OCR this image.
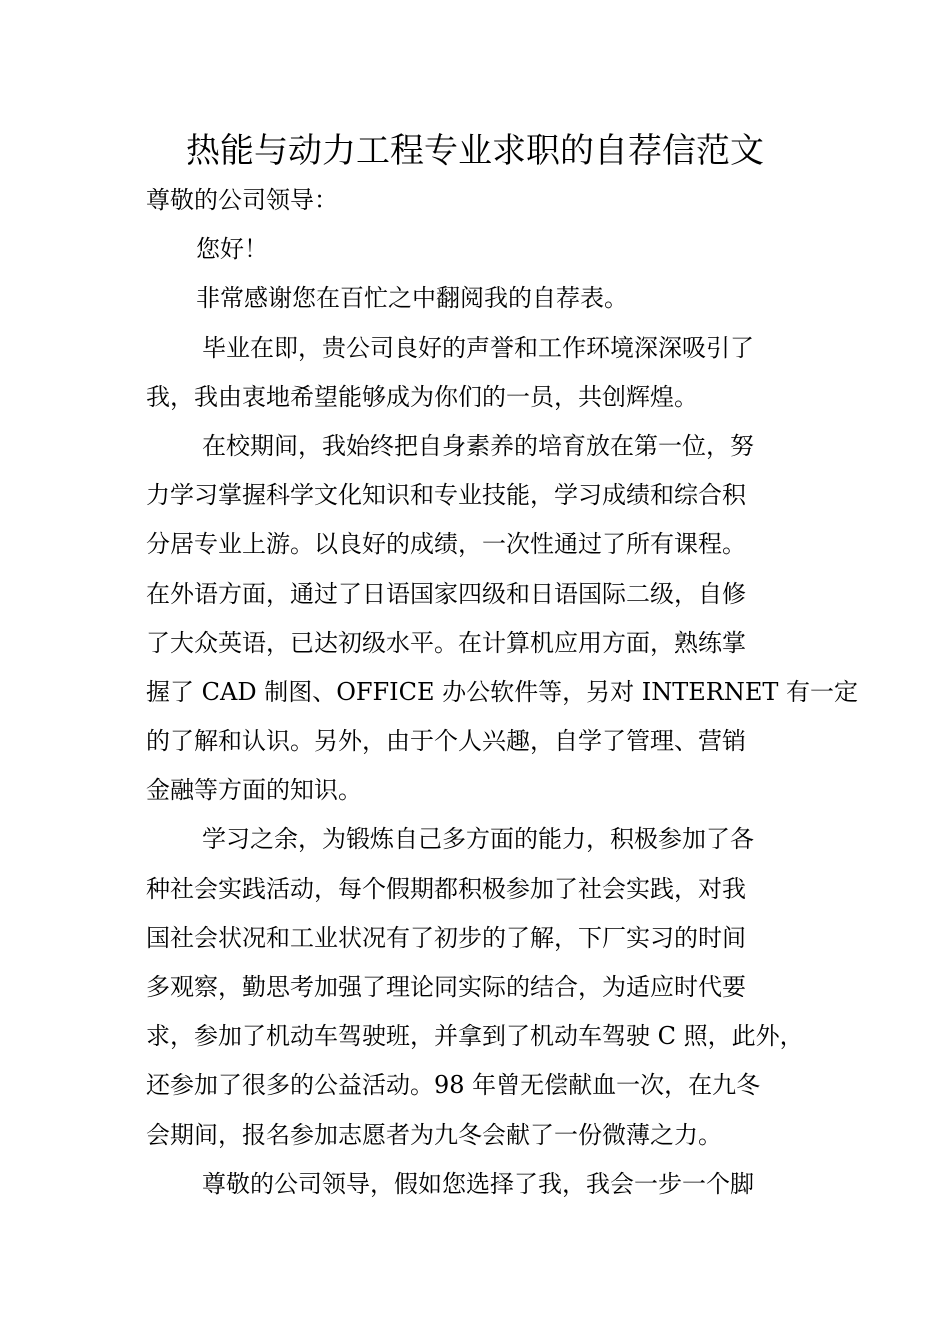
热能与动力工程专业求职的自荐信范文
尊敬的公司领导：
您好！
非常感谢您在百忙之中翻阅我的自荐表。
毕业在即，贵公司良好的声誉和工作环境深深吸引了
我，我由衷地希望能够成为你们的一员，共创辉煌。
在校期间，我始终把自身素养的培育放在第一位，努
力学习掌握科学文化知识和专业技能，学习成绩和综合积
分居专业上游。以良好的成绩，一次性通过了所有课程。
在外语方面，通过了日语国家四级和日语国际二级，自修
了大众英语，已达初级水平。在计算机应用方面，熟练掌
握了 CAD 制图、OFFICE 办公软件等，另对 INTERNET 有一定
的了解和认识。另外，由于个人兴趣，自学了管理、营销
金融等方面的知识。
学习之余，为锻炼自己多方面的能力，积极参加了各
种社会实践活动，每个假期都积极参加了社会实践，对我
国社会状况和工业状况有了初步的了解，下厂实习的时间
多观察，勤思考加强了理论同实际的结合，为适应时代要
求，参加了机动车驾驶班，并拿到了机动车驾驶 C 照，此外，
还参加了很多的公益活动。98 年曾无偿献血一次，在九冬
会期间，报名参加志愿者为九冬会献了一份微薄之力。
尊敬的公司领导，假如您选择了我，我会一步一个脚
